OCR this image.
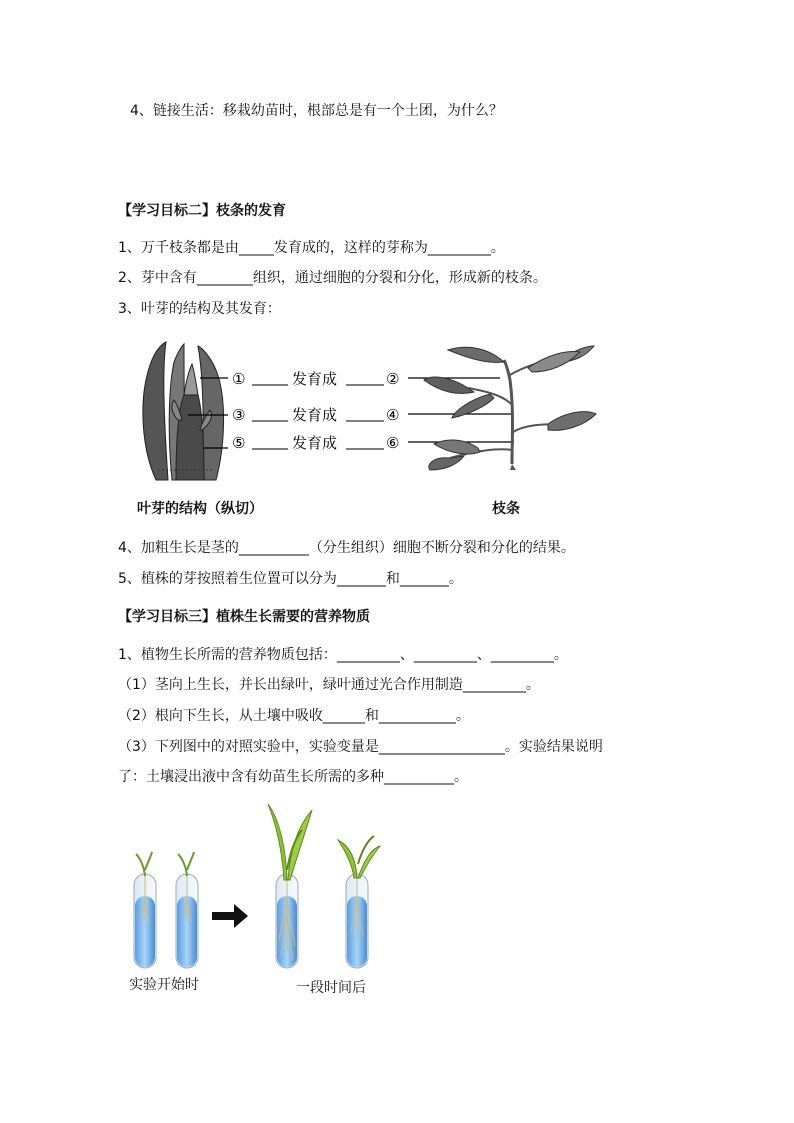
4、链接生活：移栽幼苗时，根部总是有一个土团，为什么？
【学习目标二】枝条的发育
1、万千枝条都是由_____发育成的，这样的芽称为_________。
2、芽中含有________组织，通过细胞的分裂和分化，形成新的枝条。
3、叶芽的结构及其发育：
①	发育成	②
③	发育成	④
⑤	发育成	⑥
叶芽的结构（纵切）	枝条
4、加粗生长是茎的__________（分生组织）细胞不断分裂和分化的结果。
5、植株的芽按照着生位置可以分为_______和_______。
【学习目标三】植株生长需要的营养物质
1、植物生长所需的营养物质包括：_________、_________、_________。
（1）茎向上生长，并长出绿叶，绿叶通过光合作用制造_________。
（2）根向下生长，从土壤中吸收______和___________。
（3）下列图中的对照实验中，实验变量是__________________。实验结果说明
了：土壤浸出液中含有幼苗生长所需的多种__________。
实验开始时	一段时间后
